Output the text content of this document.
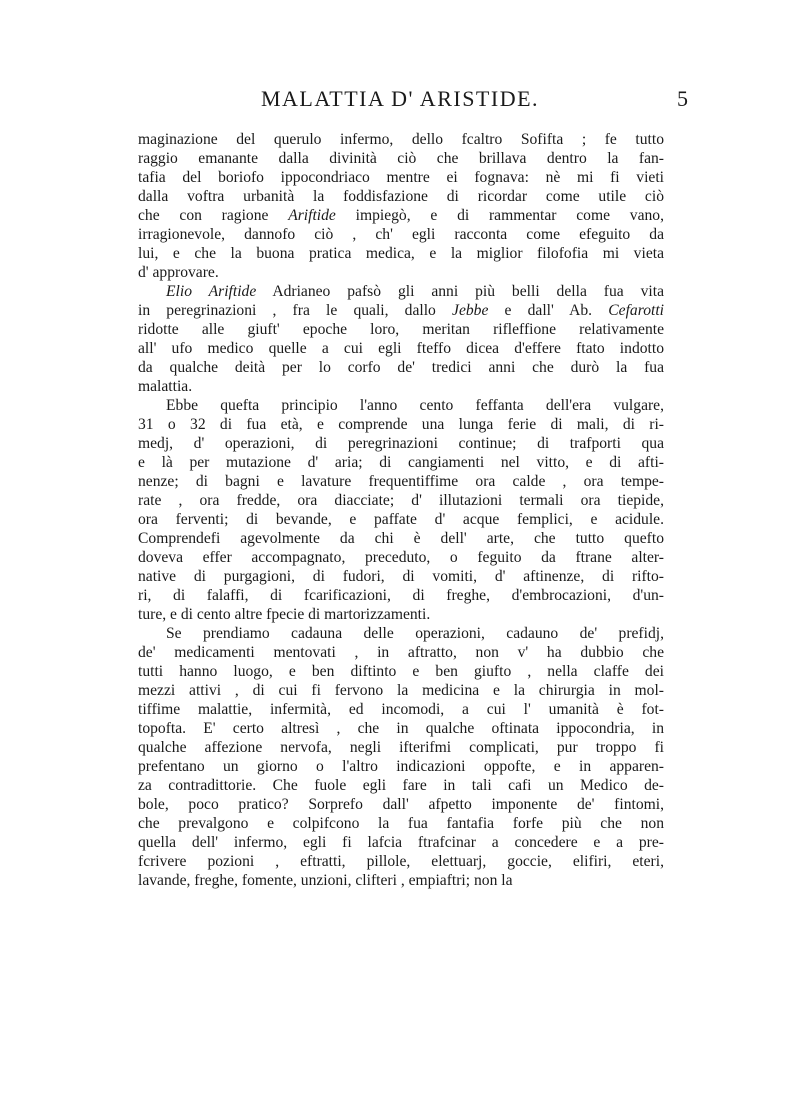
MALATTIA D' ARISTIDE.	5
maginazione del querulo infermo, dello fcaltro Sofifta ; fe tutto
raggio emanante dalla divinità ciò che brillava dentro la fan-
tafia del boriofo ippocondriaco mentre ei fognava: nè mi fi vieti
dalla voftra urbanità la foddisfazione di ricordar come utile ciò
che con ragione Ariftide impiegò, e di rammentar come vano,
irragionevole, dannofo ciò , ch' egli racconta come efeguito da
lui, e che la buona pratica medica, e la miglior filofofia mi vieta
d' approvare.
Elio Ariftide Adrianeo pafsò gli anni più belli della fua vita
in peregrinazioni , fra le quali, dallo Jebbe e dall' Ab. Cefarotti
ridotte alle giuft' epoche loro, meritan rifleffione relativamente
all' ufo medico quelle a cui egli fteffo dicea d'effere ftato indotto
da qualche deità per lo corfo de' tredici anni che durò la fua
malattia.
Ebbe quefta principio l'anno cento feffanta dell'era vulgare,
31 o 32 di fua età, e comprende una lunga ferie di mali, di ri-
medj, d' operazioni, di peregrinazioni continue; di trafporti qua
e là per mutazione d' aria; di cangiamenti nel vitto, e di afti-
nenze; di bagni e lavature frequentiffime ora calde , ora tempe-
rate , ora fredde, ora diacciate; d' illutazioni termali ora tiepide,
ora ferventi; di bevande, e paffate d' acque femplici, e acidule.
Comprendefi agevolmente da chi è dell' arte, che tutto quefto
doveva effer accompagnato, preceduto, o feguito da ftrane alter-
native di purgagioni, di fudori, di vomiti, d' aftinenze, di rifto-
ri, di falaffi, di fcarificazioni, di freghe, d'embrocazioni, d'un-
ture, e di cento altre fpecie di martorizzamenti.
Se prendiamo cadauna delle operazioni, cadauno de' prefidj,
de' medicamenti mentovati , in aftratto, non v' ha dubbio che
tutti hanno luogo, e ben diftinto e ben giufto , nella claffe dei
mezzi attivi , di cui fi fervono la medicina e la chirurgia in mol-
tiffime malattie, infermità, ed incomodi, a cui l' umanità è fot-
topofta. E' certo altresì , che in qualche oftinata ippocondria, in
qualche affezione nervofa, negli ifterifmi complicati, pur troppo fi
prefentano un giorno o l'altro indicazioni oppofte, e in apparen-
za contradittorie. Che fuole egli fare in tali cafi un Medico de-
bole, poco pratico? Sorprefo dall' afpetto imponente de' fintomi,
che prevalgono e colpifcono la fua fantafia forfe più che non
quella dell' infermo, egli fi lafcia ftrafcinar a concedere e a pre-
fcrivere pozioni , eftratti, pillole, elettuarj, goccie, elifiri, eteri,
lavande, freghe, fomente, unzioni, clifteri , empiaftri; non la
